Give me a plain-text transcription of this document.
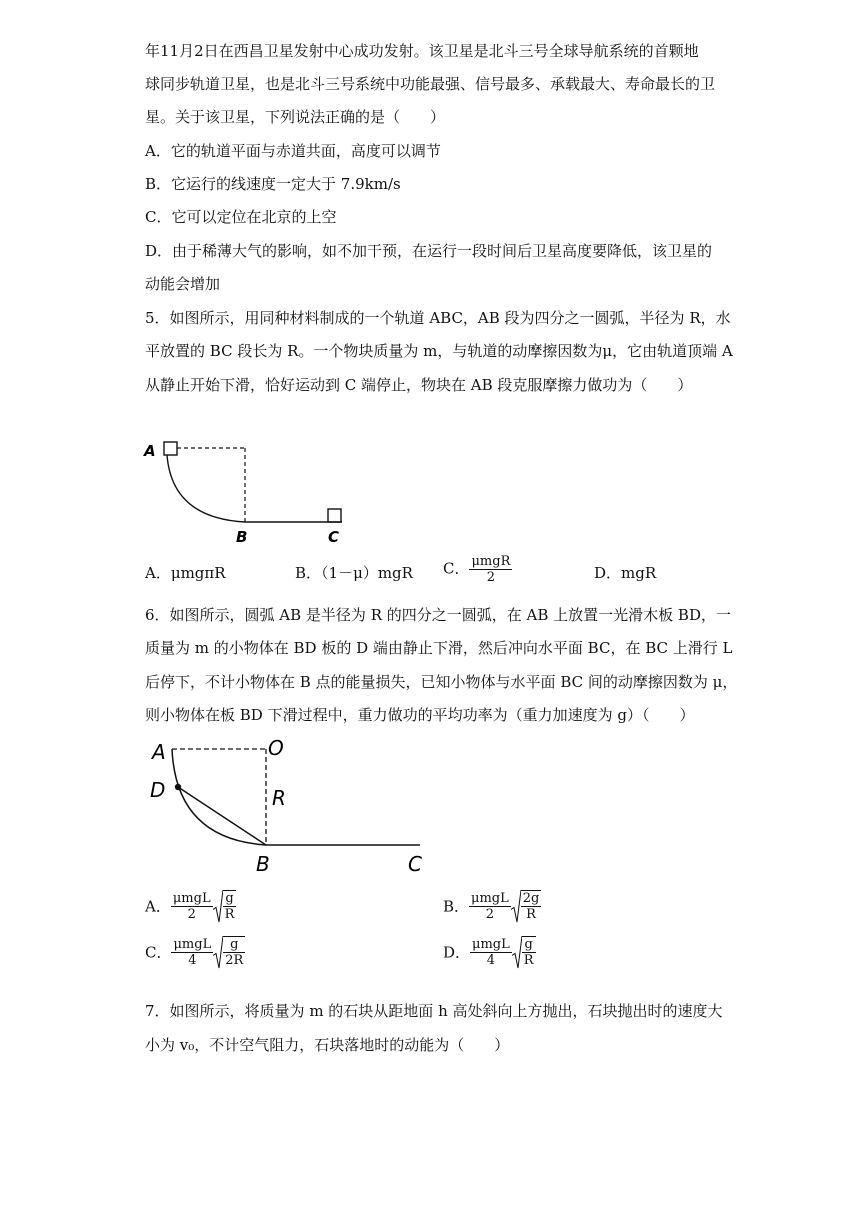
年11月2日在西昌卫星发射中心成功发射。该卫星是北斗三号全球导航系统的首颗地
球同步轨道卫星，也是北斗三号系统中功能最强、信号最多、承载最大、寿命最长的卫
星。关于该卫星，下列说法正确的是（　　）
A．它的轨道平面与赤道共面，高度可以调节
B．它运行的线速度一定大于 7.9km/s
C．它可以定位在北京的上空
D．由于稀薄大气的影响，如不加干预，在运行一段时间后卫星高度要降低，该卫星的
动能会增加
5．如图所示，用同种材料制成的一个轨道 ABC，AB 段为四分之一圆弧，半径为 R，水
平放置的 BC 段长为 R。一个物块质量为 m，与轨道的动摩擦因数为μ，它由轨道顶端 A
从静止开始下滑，恰好运动到 C 端停止，物块在 AB 段克服摩擦力做功为（　　）
A
B	C
A．μmgπR	B．（1－μ）mgR C． $\frac{\text{μmgR}}{2}$	D．mgR
6．如图所示，圆弧 AB 是半径为 R 的四分之一圆弧，在 AB 上放置一光滑木板 BD，一
质量为 m 的小物体在 BD 板的 D 端由静止下滑，然后冲向水平面 BC，在 BC 上滑行 L
后停下，不计小物体在 B 点的能量损失，已知小物体与水平面 BC 间的动摩擦因数为 μ，
则小物体在板 BD 下滑过程中，重力做功的平均功率为（重力加速度为 g）（　　）
A	O
D	R
B	C
A． $\frac{\text{μmgL}}{2} \frac{g}{R}$	B． $\frac{\text{μmgL}}{2} \frac{2g}{R}$
C． $\frac{\text{μmgL}}{4} \frac{g}{2R}$	D． $\frac{\text{μmgL}}{4} \frac{g}{R}$
7．如图所示，将质量为 m 的石块从距地面 h 高处斜向上方抛出，石块抛出时的速度大
小为 v₀，不计空气阻力，石块落地时的动能为（　　）
